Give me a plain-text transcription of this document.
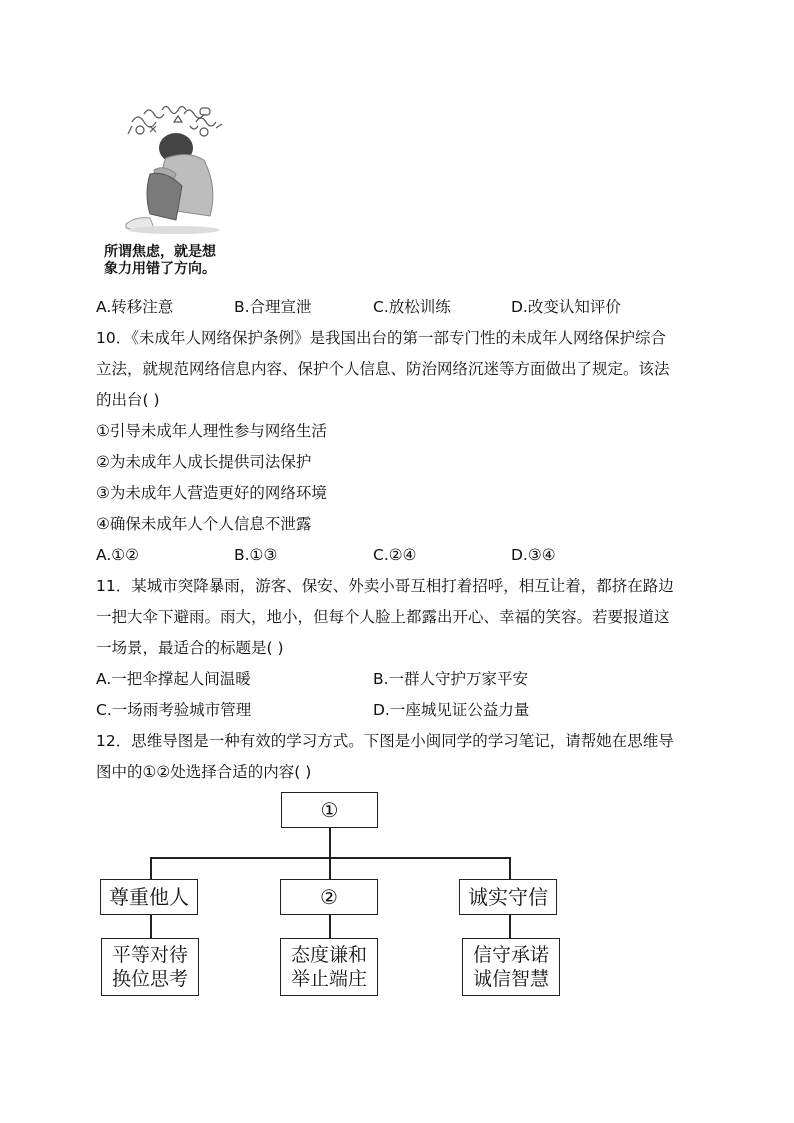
所谓焦虑，就是想
象力用错了方向。
A.转移注意	B.合理宣泄	C.放松训练	D.改变认知评价
10．《未成年人网络保护条例》是我国出台的第一部专门性的未成年人网络保护综合
立法，就规范网络信息内容、保护个人信息、防治网络沉迷等方面做出了规定。该法
的出台( )
①引导未成年人理性参与网络生活
②为未成年人成长提供司法保护
③为未成年人营造更好的网络环境
④确保未成年人个人信息不泄露
A.①②	B.①③	C.②④	D.③④
11．某城市突降暴雨，游客、保安、外卖小哥互相打着招呼，相互让着，都挤在路边
一把大伞下避雨。雨大，地小，但每个人脸上都露出开心、幸福的笑容。若要报道这
一场景，最适合的标题是( )
A.一把伞撑起人间温暖	B.一群人守护万家平安
C.一场雨考验城市管理	D.一座城见证公益力量
12．思维导图是一种有效的学习方式。下图是小闽同学的学习笔记，请帮她在思维导
图中的①②处选择合适的内容( )
①
尊重他人	②	诚实守信
平等对待
换位思考
态度谦和
举止端庄
信守承诺
诚信智慧
